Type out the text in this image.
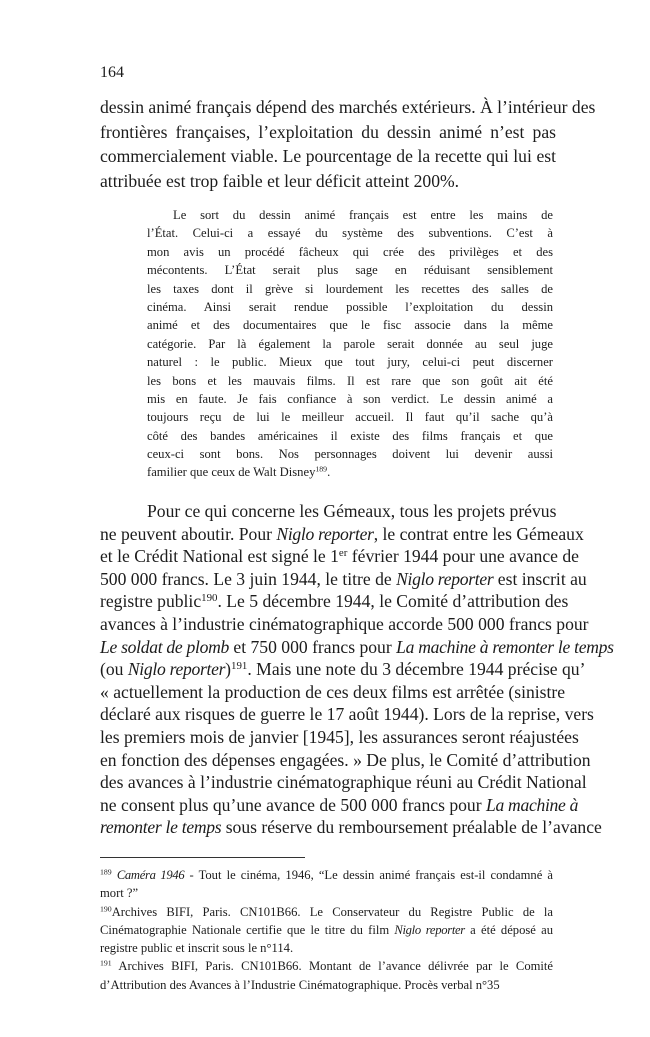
164
dessin animé français dépend des marchés extérieurs. À l’intérieur des
frontières françaises, l’exploitation du dessin animé n’est pas
commercialement viable. Le pourcentage de la recette qui lui est
attribuée est trop faible et leur déficit atteint 200%.
Le sort du dessin animé français est entre les mains de
l’État. Celui-ci a essayé du système des subventions. C’est à
mon avis un procédé fâcheux qui crée des privilèges et des
mécontents. L’État serait plus sage en réduisant sensiblement
les taxes dont il grève si lourdement les recettes des salles de
cinéma. Ainsi serait rendue possible l’exploitation du dessin
animé et des documentaires que le fisc associe dans la même
catégorie. Par là également la parole serait donnée au seul juge
naturel : le public. Mieux que tout jury, celui-ci peut discerner
les bons et les mauvais films. Il est rare que son goût ait été
mis en faute. Je fais confiance à son verdict. Le dessin animé a
toujours reçu de lui le meilleur accueil. Il faut qu’il sache qu’à
côté des bandes américaines il existe des films français et que
ceux-ci sont bons. Nos personnages doivent lui devenir aussi
familier que ceux de Walt Disney$^{189}$.
Pour ce qui concerne les Gémeaux, tous les projets prévus
ne peuvent aboutir. Pour Niglo reporter, le contrat entre les Gémeaux
et le Crédit National est signé le 1er février 1944 pour une avance de
500 000 francs. Le 3 juin 1944, le titre de Niglo reporter est inscrit au
registre public$^{190}$. Le 5 décembre 1944, le Comité d’attribution des
avances à l’industrie cinématographique accorde 500 000 francs pour
Le soldat de plomb et 750 000 francs pour La machine à remonter le temps
(ou Niglo reporter)$^{191}$. Mais une note du 3 décembre 1944 précise qu’
« actuellement la production de ces deux films est arrêtée (sinistre
déclaré aux risques de guerre le 17 août 1944). Lors de la reprise, vers
les premiers mois de janvier [1945], les assurances seront réajustées
en fonction des dépenses engagées. » De plus, le Comité d’attribution
des avances à l’industrie cinématographique réuni au Crédit National
ne consent plus qu’une avance de 500 000 francs pour La machine à
remonter le temps sous réserve du remboursement préalable de l’avance
$^{189}$ Caméra 1946 - Tout le cinéma, 1946, “Le dessin animé français est-il condamné à
mort ?”
$^{190}$Archives BIFI, Paris. CN101B66. Le Conservateur du Registre Public de la
Cinématographie Nationale certifie que le titre du film Niglo reporter a été déposé au
registre public et inscrit sous le n°114.
$^{191}$ Archives BIFI, Paris. CN101B66. Montant de l’avance délivrée par le Comité
d’Attribution des Avances à l’Industrie Cinématographique. Procès verbal n°35
